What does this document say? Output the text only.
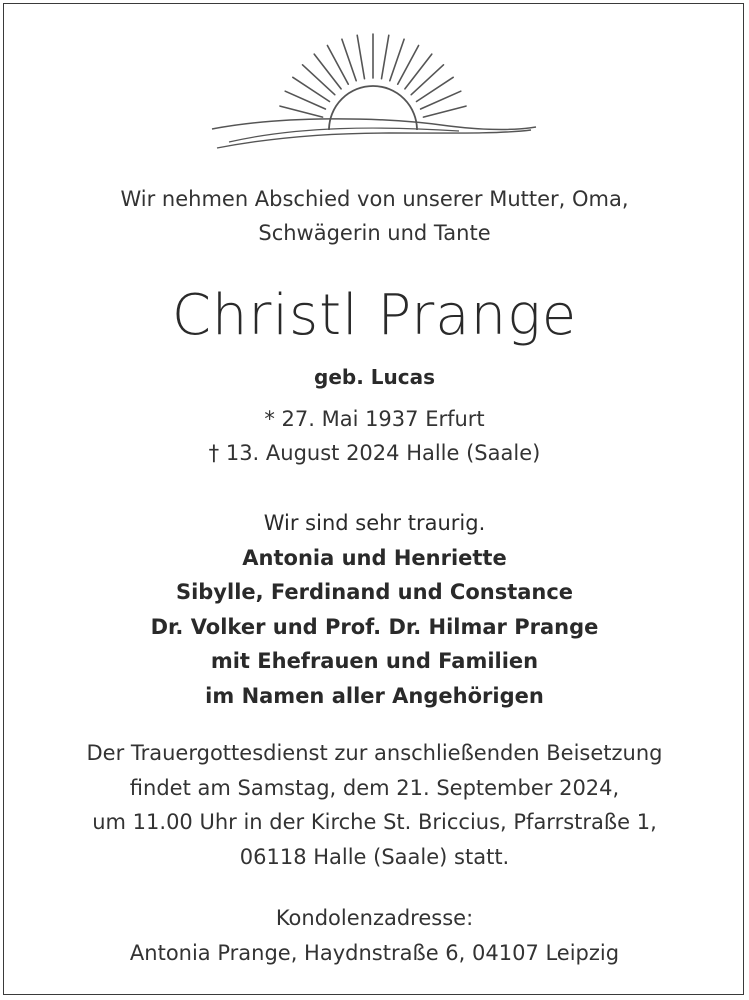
Wir nehmen Abschied von unserer Mutter, Oma,
Schwägerin und Tante
Christl Prange
geb. Lucas
* 27. Mai 1937 Erfurt
† 13. August 2024 Halle (Saale)
Wir sind sehr traurig.
Antonia und Henriette
Sibylle, Ferdinand und Constance
Dr. Volker und Prof. Dr. Hilmar Prange
mit Ehefrauen und Familien
im Namen aller Angehörigen
Der Trauergottesdienst zur anschließenden Beisetzung
findet am Samstag, dem 21. September 2024,
um 11.00 Uhr in der Kirche St. Briccius, Pfarrstraße 1,
06118 Halle (Saale) statt.
Kondolenzadresse:
Antonia Prange, Haydnstraße 6, 04107 Leipzig
